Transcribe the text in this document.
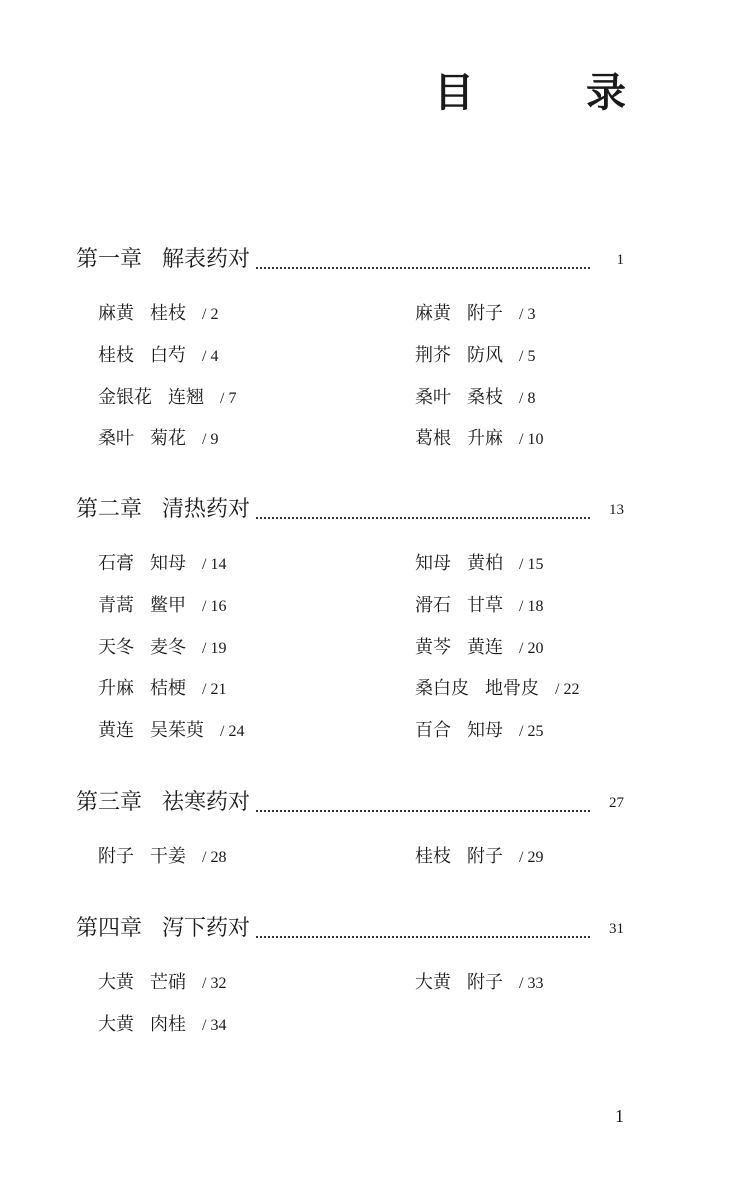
目　录
第一章 解表药对	1
麻黄 桂枝 / 2	麻黄 附子 / 3
桂枝 白芍 / 4	荆芥 防风 / 5
金银花 连翘 / 7	桑叶 桑枝 / 8
桑叶 菊花 / 9	葛根 升麻 / 10
第二章 清热药对	13
石膏 知母 / 14	知母 黄柏 / 15
青蒿 鳖甲 / 16	滑石 甘草 / 18
天冬 麦冬 / 19	黄芩 黄连 / 20
升麻 桔梗 / 21	桑白皮 地骨皮 / 22
黄连 吴茱萸 / 24	百合 知母 / 25
第三章 祛寒药对	27
附子 干姜 / 28	桂枝 附子 / 29
第四章 泻下药对	31
大黄 芒硝 / 32	大黄 附子 / 33
大黄 肉桂 / 34
1
